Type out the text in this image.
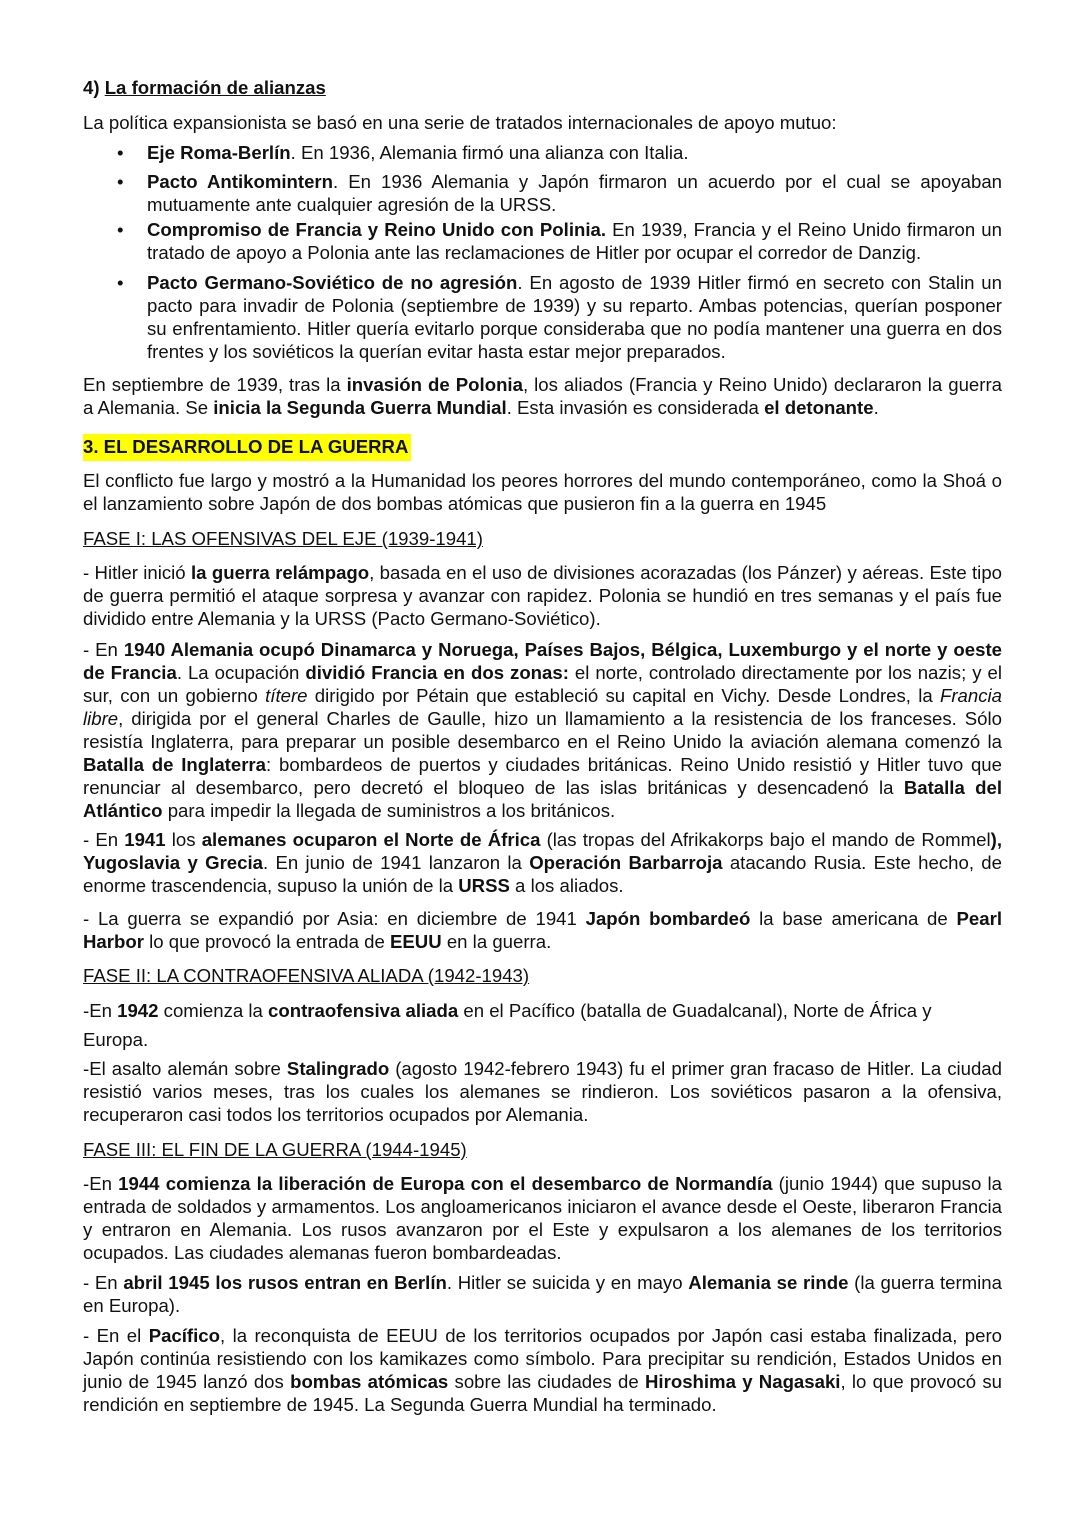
4) La formación de alianzas

La política expansionista se basó en una serie de tratados internacionales de apoyo mutuo:

• Eje Roma-Berlín. En 1936, Alemania firmó una alianza con Italia.

• Pacto Antikomintern. En 1936 Alemania y Japón firmaron un acuerdo por el cual se apoyaban mutuamente ante cualquier agresión de la URSS.

• Compromiso de Francia y Reino Unido con Polinia. En 1939, Francia y el Reino Unido firmaron un tratado de apoyo a Polonia ante las reclamaciones de Hitler por ocupar el corredor de Danzig.

• Pacto Germano-Soviético de no agresión. En agosto de 1939 Hitler firmó en secreto con Stalin un pacto para invadir de Polonia (septiembre de 1939) y su reparto. Ambas potencias, querían posponer su enfrentamiento. Hitler quería evitarlo porque consideraba que no podía mantener una guerra en dos frentes y los soviéticos la querían evitar hasta estar mejor preparados.

En septiembre de 1939, tras la invasión de Polonia, los aliados (Francia y Reino Unido) declararon la guerra a Alemania. Se inicia la Segunda Guerra Mundial. Esta invasión es considerada el detonante.

3. EL DESARROLLO DE LA GUERRA

El conflicto fue largo y mostró a la Humanidad los peores horrores del mundo contemporáneo, como la Shoá o el lanzamiento sobre Japón de dos bombas atómicas que pusieron fin a la guerra en 1945

FASE I: LAS OFENSIVAS DEL EJE (1939-1941)

- Hitler inició la guerra relámpago, basada en el uso de divisiones acorazadas (los Pánzer) y aéreas. Este tipo de guerra permitió el ataque sorpresa y avanzar con rapidez. Polonia se hundió en tres semanas y el país fue dividido entre Alemania y la URSS (Pacto Germano-Soviético).

- En 1940 Alemania ocupó Dinamarca y Noruega, Países Bajos, Bélgica, Luxemburgo y el norte y oeste de Francia. La ocupación dividió Francia en dos zonas: el norte, controlado directamente por los nazis; y el sur, con un gobierno títere dirigido por Pétain que estableció su capital en Vichy. Desde Londres, la Francia libre, dirigida por el general Charles de Gaulle, hizo un llamamiento a la resistencia de los franceses. Sólo resistía Inglaterra, para preparar un posible desembarco en el Reino Unido la aviación alemana comenzó la Batalla de Inglaterra: bombardeos de puertos y ciudades británicas. Reino Unido resistió y Hitler tuvo que renunciar al desembarco, pero decretó el bloqueo de las islas británicas y desencadenó la Batalla del Atlántico para impedir la llegada de suministros a los británicos.

- En 1941 los alemanes ocuparon el Norte de África (las tropas del Afrikakorps bajo el mando de Rommel), Yugoslavia y Grecia. En junio de 1941 lanzaron la Operación Barbarroja atacando Rusia. Este hecho, de enorme trascendencia, supuso la unión de la URSS a los aliados.

- La guerra se expandió por Asia: en diciembre de 1941 Japón bombardeó la base americana de Pearl Harbor lo que provocó la entrada de EEUU en la guerra.

FASE II: LA CONTRAOFENSIVA ALIADA (1942-1943)

-En 1942 comienza la contraofensiva aliada en el Pacífico (batalla de Guadalcanal), Norte de África y Europa.

-El asalto alemán sobre Stalingrado (agosto 1942-febrero 1943) fu el primer gran fracaso de Hitler. La ciudad resistió varios meses, tras los cuales los alemanes se rindieron. Los soviéticos pasaron a la ofensiva, recuperaron casi todos los territorios ocupados por Alemania.

FASE III: EL FIN DE LA GUERRA (1944-1945)

-En 1944 comienza la liberación de Europa con el desembarco de Normandía (junio 1944) que supuso la entrada de soldados y armamentos. Los angloamericanos iniciaron el avance desde el Oeste, liberaron Francia y entraron en Alemania. Los rusos avanzaron por el Este y expulsaron a los alemanes de los territorios ocupados. Las ciudades alemanas fueron bombardeadas.

- En abril 1945 los rusos entran en Berlín. Hitler se suicida y en mayo Alemania se rinde (la guerra termina en Europa).

- En el Pacífico, la reconquista de EEUU de los territorios ocupados por Japón casi estaba finalizada, pero Japón continúa resistiendo con los kamikazes como símbolo. Para precipitar su rendición, Estados Unidos en junio de 1945 lanzó dos bombas atómicas sobre las ciudades de Hiroshima y Nagasaki, lo que provocó su rendición en septiembre de 1945. La Segunda Guerra Mundial ha terminado.
